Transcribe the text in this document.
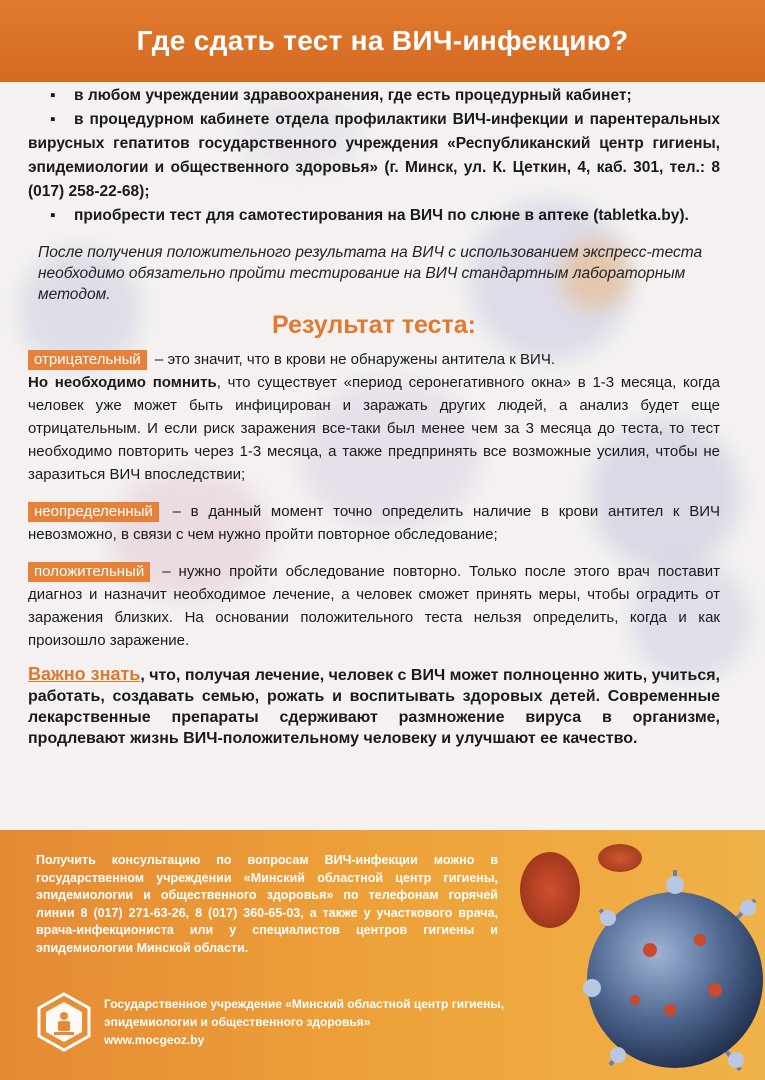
Где сдать тест на ВИЧ-инфекцию?
▪ в любом учреждении здравоохранения, где есть процедурный кабинет;
▪ в процедурном кабинете отдела профилактики ВИЧ-инфекции и парентеральных вирусных гепатитов государственного учреждения «Республиканский центр гигиены, эпидемиологии и общественного здоровья» (г. Минск, ул. К. Цеткин, 4, каб. 301, тел.: 8 (017) 258-22-68);
▪ приобрести тест для самотестирования на ВИЧ по слюне в аптеке (tabletka.by).

После получения положительного результата на ВИЧ с использованием экспресс-теста необходимо обязательно пройти тестирование на ВИЧ стандартным лабораторным методом.

Результат теста:

отрицательный – это значит, что в крови не обнаружены антитела к ВИЧ.
Но необходимо помнить, что существует «период серонегативного окна» в 1-3 месяца, когда человек уже может быть инфицирован и заражать других людей, а анализ будет еще отрицательным. И если риск заражения все-таки был менее чем за 3 месяца до теста, то тест необходимо повторить через 1-3 месяца, а также предпринять все возможные усилия, чтобы не заразиться ВИЧ впоследствии;

неопределенный – в данный момент точно определить наличие в крови антител к ВИЧ невозможно, в связи с чем нужно пройти повторное обследование;

положительный – нужно пройти обследование повторно. Только после этого врач поставит диагноз и назначит необходимое лечение, а человек сможет принять меры, чтобы оградить от заражения близких. На основании положительного теста нельзя определить, когда и как произошло заражение.

Важно знать, что, получая лечение, человек с ВИЧ может полноценно жить, учиться, работать, создавать семью, рожать и воспитывать здоровых детей. Современные лекарственные препараты сдерживают размножение вируса в организме, продлевают жизнь ВИЧ-положительному человеку и улучшают ее качество.

Получить консультацию по вопросам ВИЧ-инфекции можно в государственном учреждении «Минский областной центр гигиены, эпидемиологии и общественного здоровья» по телефонам горячей линии 8 (017) 271-63-26, 8 (017) 360-65-03, а также у участкового врача, врача-инфекциониста или у специалистов центров гигиены и эпидемиологии Минской области.
Государственное учреждение «Минский областной центр гигиены,
эпидемиологии и общественного здоровья»
www.mocgeoz.by
